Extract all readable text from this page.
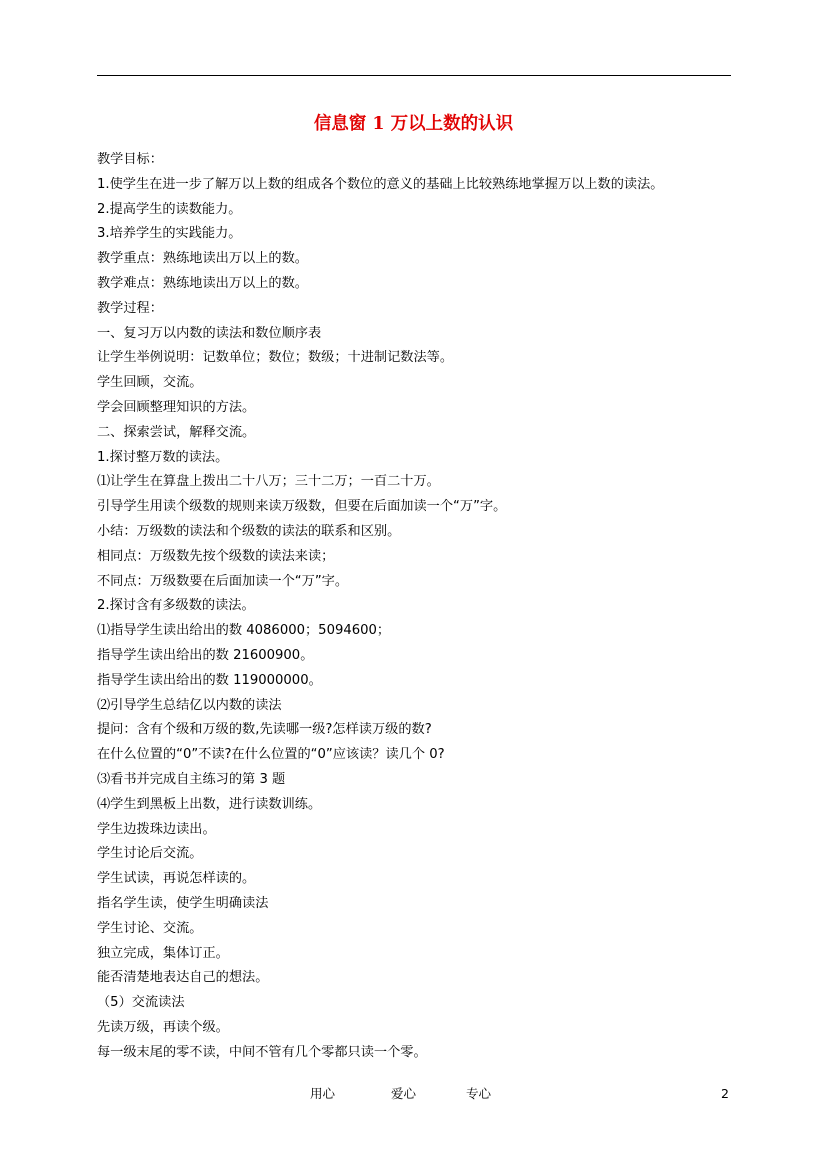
信息窗 1 万以上数的认识
教学目标：
1.使学生在进一步了解万以上数的组成各个数位的意义的基础上比较熟练地掌握万以上数的读法。
2.提高学生的读数能力。
3.培养学生的实践能力。
教学重点：熟练地读出万以上的数。
教学难点：熟练地读出万以上的数。
教学过程：
一、复习万以内数的读法和数位顺序表
让学生举例说明：记数单位；数位；数级；十进制记数法等。
学生回顾，交流。
学会回顾整理知识的方法。
二、探索尝试，解释交流。
1.探讨整万数的读法。
⑴让学生在算盘上拨出二十八万；三十二万；一百二十万。
引导学生用读个级数的规则来读万级数，但要在后面加读一个“万”字。
小结：万级数的读法和个级数的读法的联系和区别。
相同点：万级数先按个级数的读法来读；
不同点：万级数要在后面加读一个“万”字。
2.探讨含有多级数的读法。
⑴指导学生读出给出的数 4086000；5094600；
指导学生读出给出的数 21600900。
指导学生读出给出的数 119000000。
⑵引导学生总结亿以内数的读法
提问：含有个级和万级的数,先读哪一级?怎样读万级的数?
在什么位置的“0”不读?在什么位置的“0”应该读？读几个 0?
⑶看书并完成自主练习的第 3 题
⑷学生到黑板上出数，进行读数训练。
学生边拨珠边读出。
学生讨论后交流。
学生试读，再说怎样读的。
指名学生读，使学生明确读法
学生讨论、交流。
独立完成，集体订正。
能否清楚地表达自己的想法。
（5）交流读法
先读万级，再读个级。
每一级末尾的零不读，中间不管有几个零都只读一个零。
用心	爱心	专心	2
